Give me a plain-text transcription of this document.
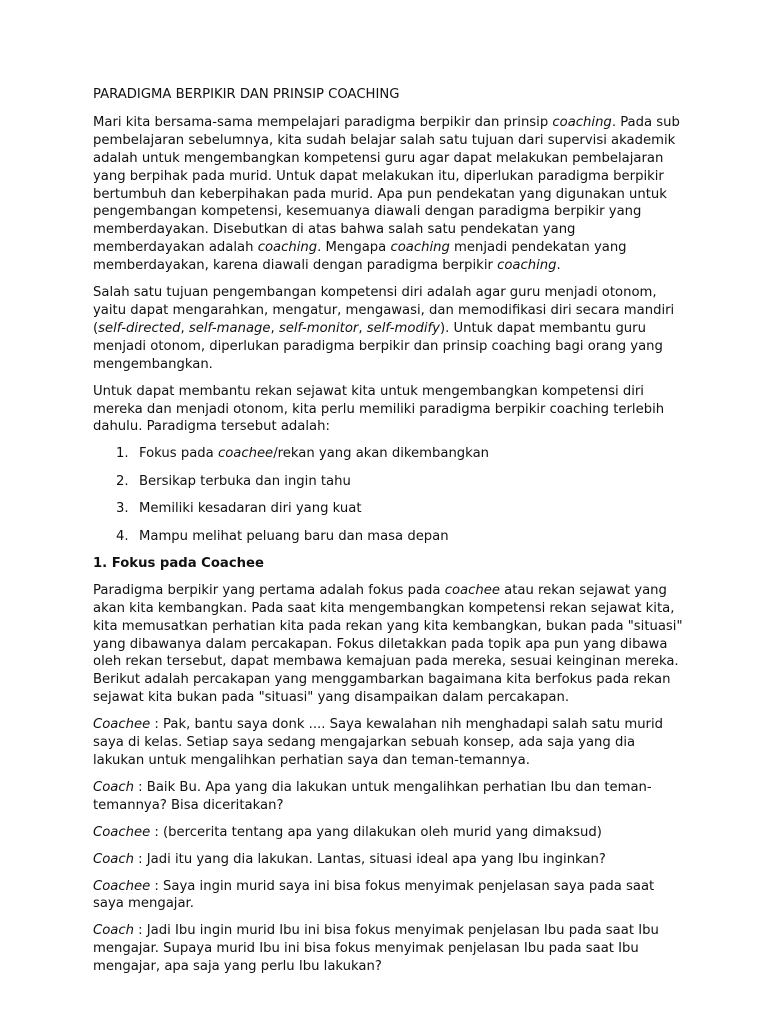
PARADIGMA BERPIKIR DAN PRINSIP COACHING
Mari kita bersama-sama mempelajari paradigma berpikir dan prinsip coaching. Pada sub pembelajaran sebelumnya, kita sudah belajar salah satu tujuan dari supervisi akademik adalah untuk mengembangkan kompetensi guru agar dapat melakukan pembelajaran yang berpihak pada murid. Untuk dapat melakukan itu, diperlukan paradigma berpikir bertumbuh dan keberpihakan pada murid. Apa pun pendekatan yang digunakan untuk pengembangan kompetensi, kesemuanya diawali dengan paradigma berpikir yang memberdayakan. Disebutkan di atas bahwa salah satu pendekatan yang memberdayakan adalah coaching. Mengapa coaching menjadi pendekatan yang memberdayakan, karena diawali dengan paradigma berpikir coaching.
Salah satu tujuan pengembangan kompetensi diri adalah agar guru menjadi otonom, yaitu dapat mengarahkan, mengatur, mengawasi, dan memodifikasi diri secara mandiri (self-directed, self-manage, self-monitor, self-modify). Untuk dapat membantu guru menjadi otonom, diperlukan paradigma berpikir dan prinsip coaching bagi orang yang mengembangkan.
Untuk dapat membantu rekan sejawat kita untuk mengembangkan kompetensi diri mereka dan menjadi otonom, kita perlu memiliki paradigma berpikir coaching terlebih dahulu. Paradigma tersebut adalah:
1. Fokus pada coachee/rekan yang akan dikembangkan
2. Bersikap terbuka dan ingin tahu
3. Memiliki kesadaran diri yang kuat
4. Mampu melihat peluang baru dan masa depan
1. Fokus pada Coachee
Paradigma berpikir yang pertama adalah fokus pada coachee atau rekan sejawat yang akan kita kembangkan. Pada saat kita mengembangkan kompetensi rekan sejawat kita, kita memusatkan perhatian kita pada rekan yang kita kembangkan, bukan pada "situasi" yang dibawanya dalam percakapan. Fokus diletakkan pada topik apa pun yang dibawa oleh rekan tersebut, dapat membawa kemajuan pada mereka, sesuai keinginan mereka. Berikut adalah percakapan yang menggambarkan bagaimana kita berfokus pada rekan sejawat kita bukan pada "situasi" yang disampaikan dalam percakapan.
Coachee : Pak, bantu saya donk .... Saya kewalahan nih menghadapi salah satu murid saya di kelas. Setiap saya sedang mengajarkan sebuah konsep, ada saja yang dia lakukan untuk mengalihkan perhatian saya dan teman-temannya.
Coach : Baik Bu. Apa yang dia lakukan untuk mengalihkan perhatian Ibu dan teman-temannya? Bisa diceritakan?
Coachee : (bercerita tentang apa yang dilakukan oleh murid yang dimaksud)
Coach : Jadi itu yang dia lakukan. Lantas, situasi ideal apa yang Ibu inginkan?
Coachee : Saya ingin murid saya ini bisa fokus menyimak penjelasan saya pada saat saya mengajar.
Coach : Jadi Ibu ingin murid Ibu ini bisa fokus menyimak penjelasan Ibu pada saat Ibu mengajar. Supaya murid Ibu ini bisa fokus menyimak penjelasan Ibu pada saat Ibu mengajar, apa saja yang perlu Ibu lakukan?
